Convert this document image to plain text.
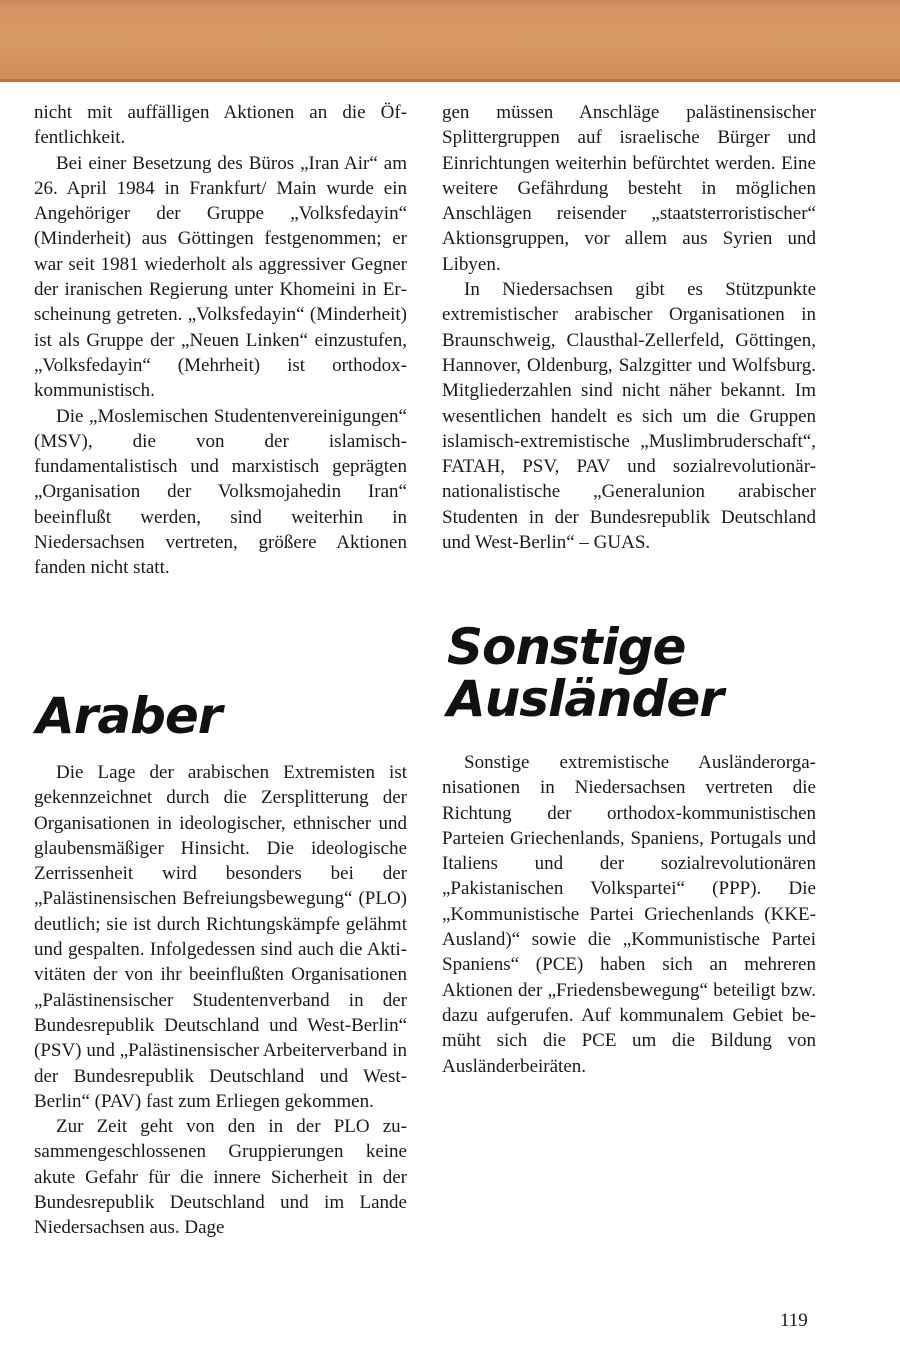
nicht mit auffälligen Aktionen an die Öffentlichkeit.

Bei einer Besetzung des Büros „Iran Air“ am 26. April 1984 in Frankfurt/ Main wurde ein Angehöriger der Gruppe „Volksfedayin“ (Minderheit) aus Göttingen festgenommen; er war seit 1981 wiederholt als aggressiver Gegner der iranischen Regierung unter Khomeini in Erscheinung getreten. „Volksfedayin“ (Minderheit) ist als Gruppe der „Neuen Linken“ einzustufen, „Volksfedayin“ (Mehrheit) ist orthodox-kommunistisch.

Die „Moslemischen Studentenvereinigungen“ (MSV), die von der islamisch-fundamentalistisch und marxistisch geprägten „Organisation der Volksmojahedin Iran“ beeinflußt werden, sind weiterhin in Niedersachsen vertreten, größere Aktionen fanden nicht statt.

Araber

Die Lage der arabischen Extremisten ist gekennzeichnet durch die Zersplitterung der Organisationen in ideologischer, ethnischer und glaubensmäßiger Hinsicht. Die ideologische Zerrissenheit wird besonders bei der „Palästinensischen Befreiungsbewegung“ (PLO) deutlich; sie ist durch Richtungskämpfe gelähmt und gespalten. Infolgedessen sind auch die Aktivitäten der von ihr beeinflußten Organisationen „Palästinensischer Studentenverband in der Bundesrepublik Deutschland und West-Berlin“ (PSV) und „Palästinensischer Arbeiterverband in der Bundesrepublik Deutschland und West-Berlin“ (PAV) fast zum Erliegen gekommen.

Zur Zeit geht von den in der PLO zusammengeschlossenen Gruppierungen keine akute Gefahr für die innere Sicherheit in der Bundesrepublik Deutschland und im Lande Niedersachsen aus. Dage

gen müssen Anschläge palästinensischer Splittergruppen auf israelische Bürger und Einrichtungen weiterhin befürchtet werden. Eine weitere Gefährdung besteht in möglichen Anschlägen reisender „staatsterroristischer“ Aktionsgruppen, vor allem aus Syrien und Libyen.

In Niedersachsen gibt es Stützpunkte extremistischer arabischer Organisationen in Braunschweig, Clausthal-Zellerfeld, Göttingen, Hannover, Oldenburg, Salzgitter und Wolfsburg. Mitgliederzahlen sind nicht näher bekannt. Im wesentlichen handelt es sich um die Gruppen islamisch-extremistische „Muslimbruderschaft“, FATAH, PSV, PAV und sozialrevolutionär-nationalistische „Generalunion arabischer Studenten in der Bundesrepublik Deutschland und West-Berlin“ – GUAS.

Sonstige
Ausländer

Sonstige extremistische Ausländerorganisationen in Niedersachsen vertreten die Richtung der orthodox-kommunistischen Parteien Griechenlands, Spaniens, Portugals und Italiens und der sozialrevolutionären „Pakistanischen Volkspartei“ (PPP). Die „Kommunistische Partei Griechenlands (KKE-Ausland)“ sowie die „Kommunistische Partei Spaniens“ (PCE) haben sich an mehreren Aktionen der „Friedensbewegung“ beteiligt bzw. dazu aufgerufen. Auf kommunalem Gebiet bemüht sich die PCE um die Bildung von Ausländerbeiräten.

119
